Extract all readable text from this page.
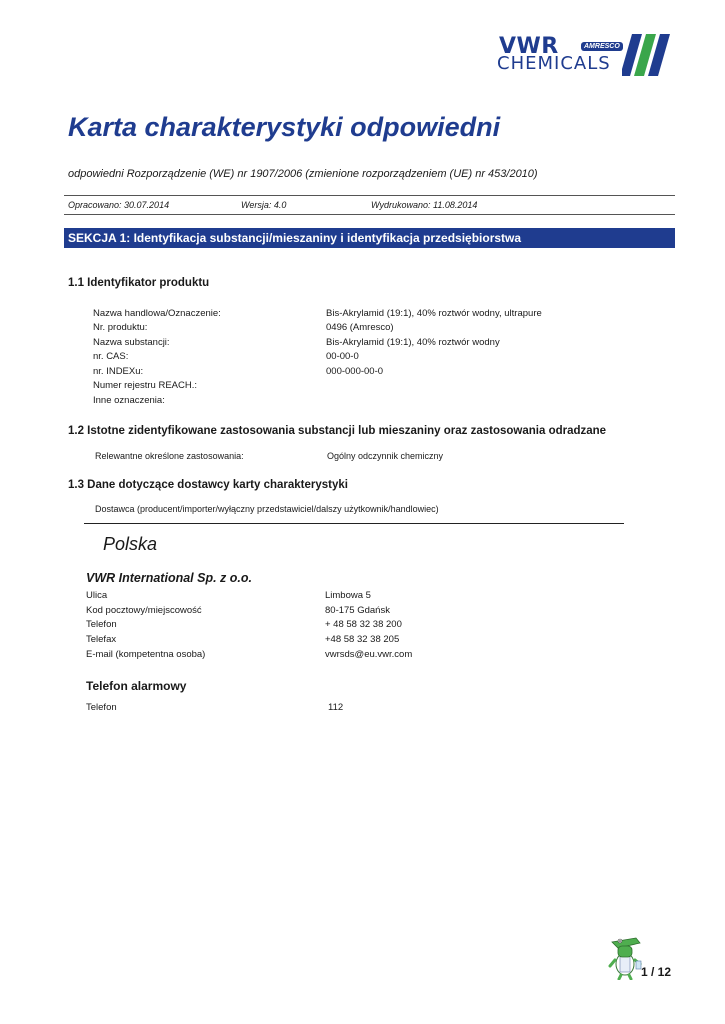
VWR	AMRESCO
CHEMICALS
Karta charakterystyki odpowiedni
odpowiedni Rozporządzenie (WE) nr 1907/2006 (zmienione rozporządzeniem (UE) nr 453/2010)
Opracowano: 30.07.2014	Wersja: 4.0	Wydrukowano: 11.08.2014
SEKCJA 1: Identyfikacja substancji/mieszaniny i identyfikacja przedsiębiorstwa
1.1 Identyfikator produktu
Nazwa handlowa/Oznaczenie:	Bis-Akrylamid (19:1), 40% roztwór wodny, ultrapure
Nr. produktu:	0496 (Amresco)
Nazwa substancji:	Bis-Akrylamid (19:1), 40% roztwór wodny
nr. CAS:	00-00-0
nr. INDEXu:	000-000-00-0
Numer rejestru REACH.:
Inne oznaczenia:
1.2 Istotne zidentyfikowane zastosowania substancji lub mieszaniny oraz zastosowania odradzane
Relewantne określone zastosowania:	Ogólny odczynnik chemiczny
1.3 Dane dotyczące dostawcy karty charakterystyki
Dostawca (producent/importer/wyłączny przedstawiciel/dalszy użytkownik/handlowiec)
Polska
VWR International Sp. z o.o.
Ulica	Limbowa 5
Kod pocztowy/miejscowość	80-175 Gdańsk
Telefon	+ 48 58 32 38 200
Telefax	+48 58 32 38 205
E-mail (kompetentna osoba)	vwrsds@eu.vwr.com
Telefon alarmowy
Telefon	112
1 / 12
